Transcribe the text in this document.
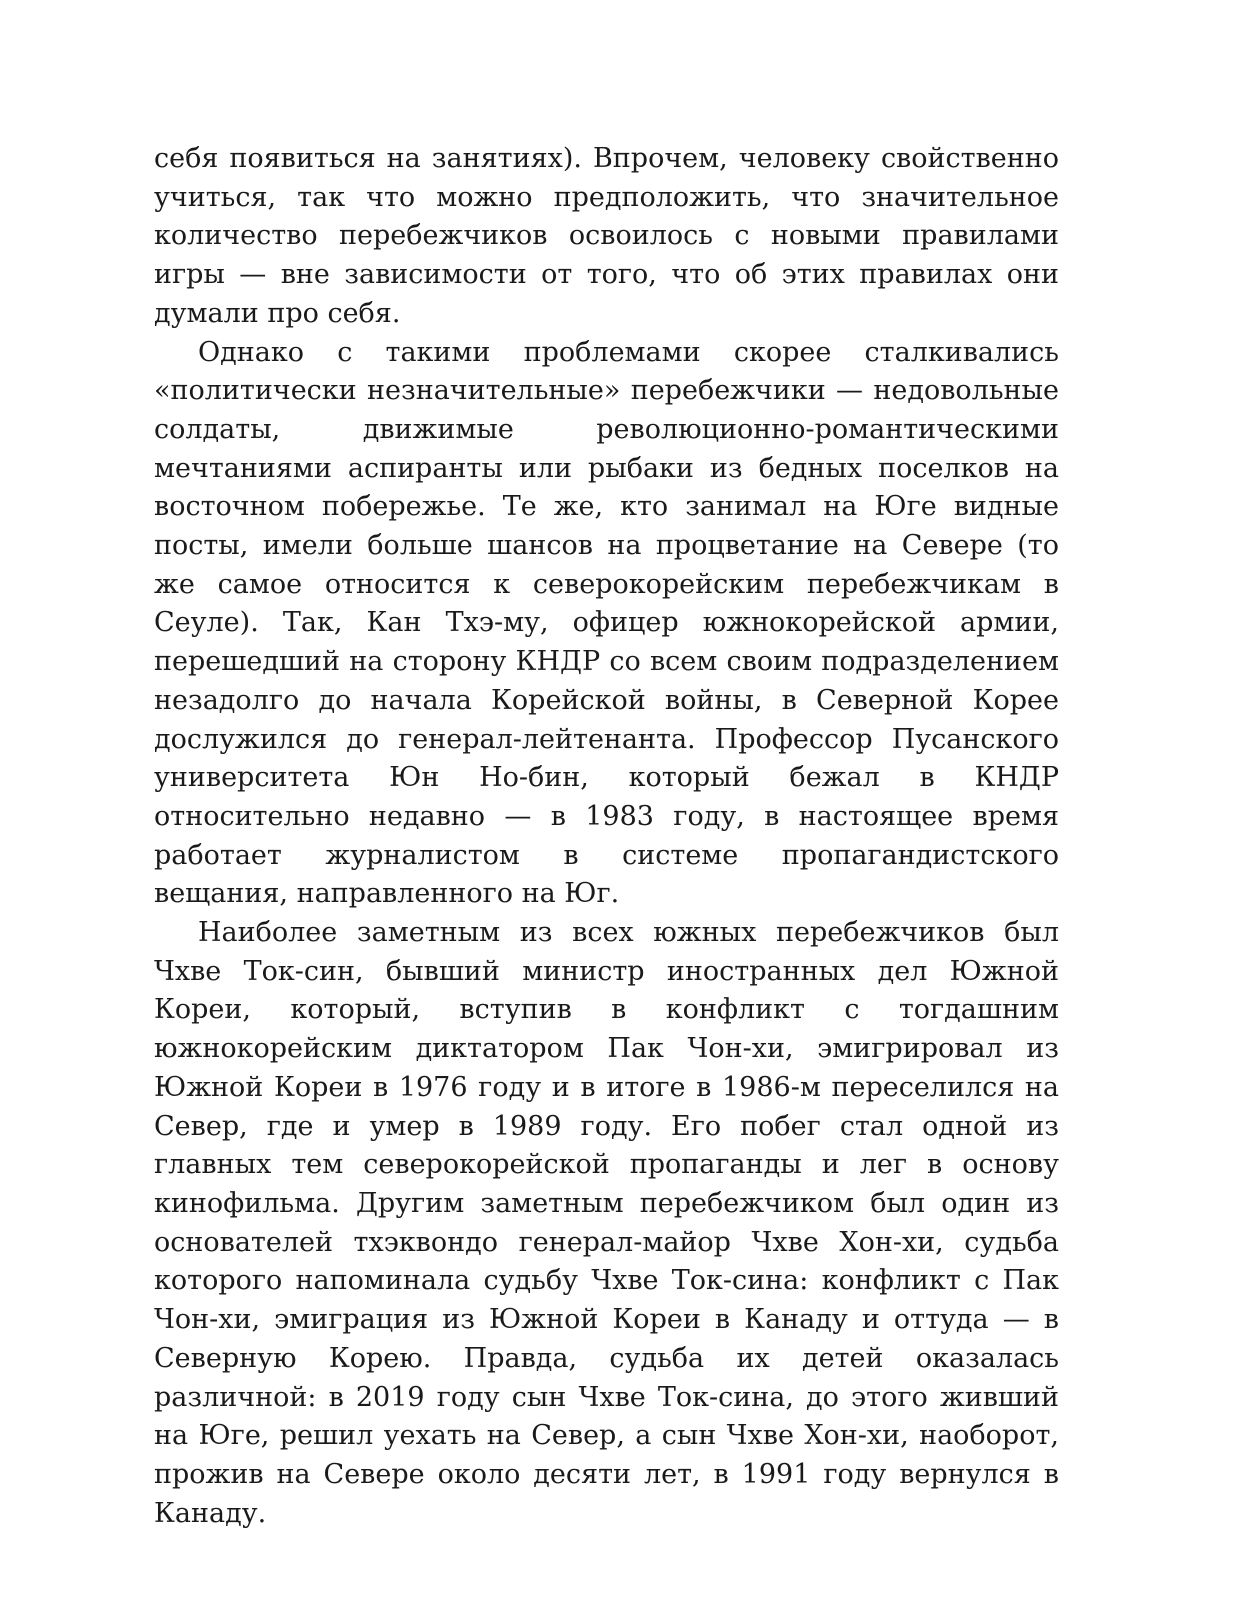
себя появиться на занятиях). Впрочем, человеку свойственно учиться, так что можно предположить, что значительное количество перебежчиков освоилось с новыми правилами игры — вне зависимости от того, что об этих правилах они думали про себя.

Однако с такими проблемами скорее сталкивались «политически незначительные» перебежчики — недовольные солдаты, движимые революционно-романтическими мечтаниями аспиранты или рыбаки из бедных поселков на восточном побережье. Те же, кто занимал на Юге видные посты, имели больше шансов на процветание на Севере (то же самое относится к северокорейским перебежчикам в Сеуле). Так, Кан Тхэ-му, офицер южнокорейской армии, перешедший на сторону КНДР со всем своим подразделением незадолго до начала Корейской войны, в Северной Корее дослужился до генерал-лейтенанта. Профессор Пусанского университета Юн Но-бин, который бежал в КНДР относительно недавно — в 1983 году, в настоящее время работает журналистом в системе пропагандистского вещания, направленного на Юг.

Наиболее заметным из всех южных перебежчиков был Чхве Ток-син, бывший министр иностранных дел Южной Кореи, который, вступив в конфликт с тогдашним южнокорейским диктатором Пак Чон-хи, эмигрировал из Южной Кореи в 1976 году и в итоге в 1986-м переселился на Север, где и умер в 1989 году. Его побег стал одной из главных тем северокорейской пропаганды и лег в основу кинофильма. Другим заметным перебежчиком был один из основателей тхэквондо генерал-майор Чхве Хон-хи, судьба которого напоминала судьбу Чхве Ток-сина: конфликт с Пак Чон-хи, эмиграция из Южной Кореи в Канаду и оттуда — в Северную Корею. Правда, судьба их детей оказалась различной: в 2019 году сын Чхве Ток-сина, до этого живший на Юге, решил уехать на Север, а сын Чхве Хон-хи, наоборот, прожив на Севере около десяти лет, в 1991 году вернулся в Канаду.
